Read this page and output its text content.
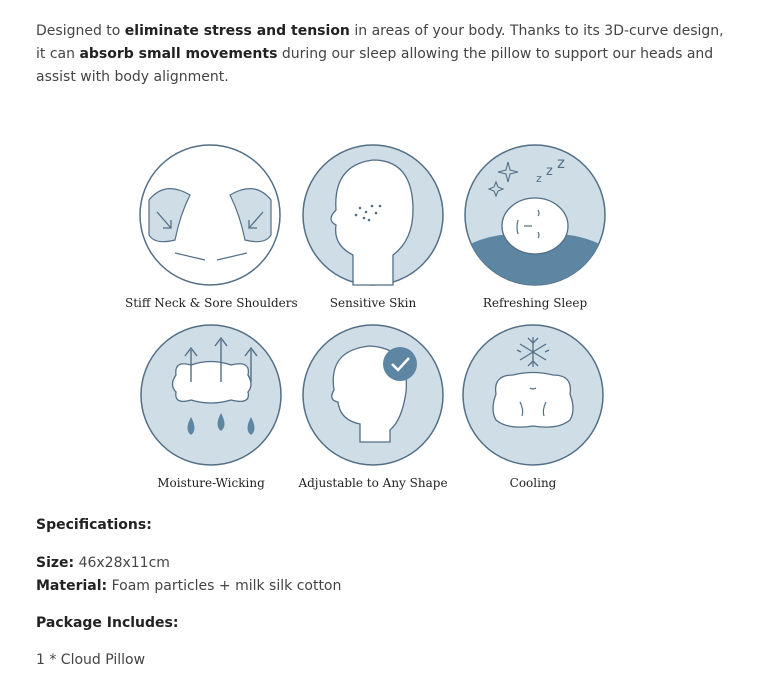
Designed to eliminate stress and tension in areas of your body. Thanks to its 3D-curve design, it can absorb small movements during our sleep allowing the pillow to support our heads and assist with body alignment.

Stiff Neck & Sore Shoulders	Sensitive Skin
z z z
Refreshing Sleep
Moisture-Wicking	Adjustable to Any Shape	Cooling
Specifications:

Size: 46x28x11cm

Material: Foam particles + milk silk cotton

Package Includes:

1 * Cloud Pillow
